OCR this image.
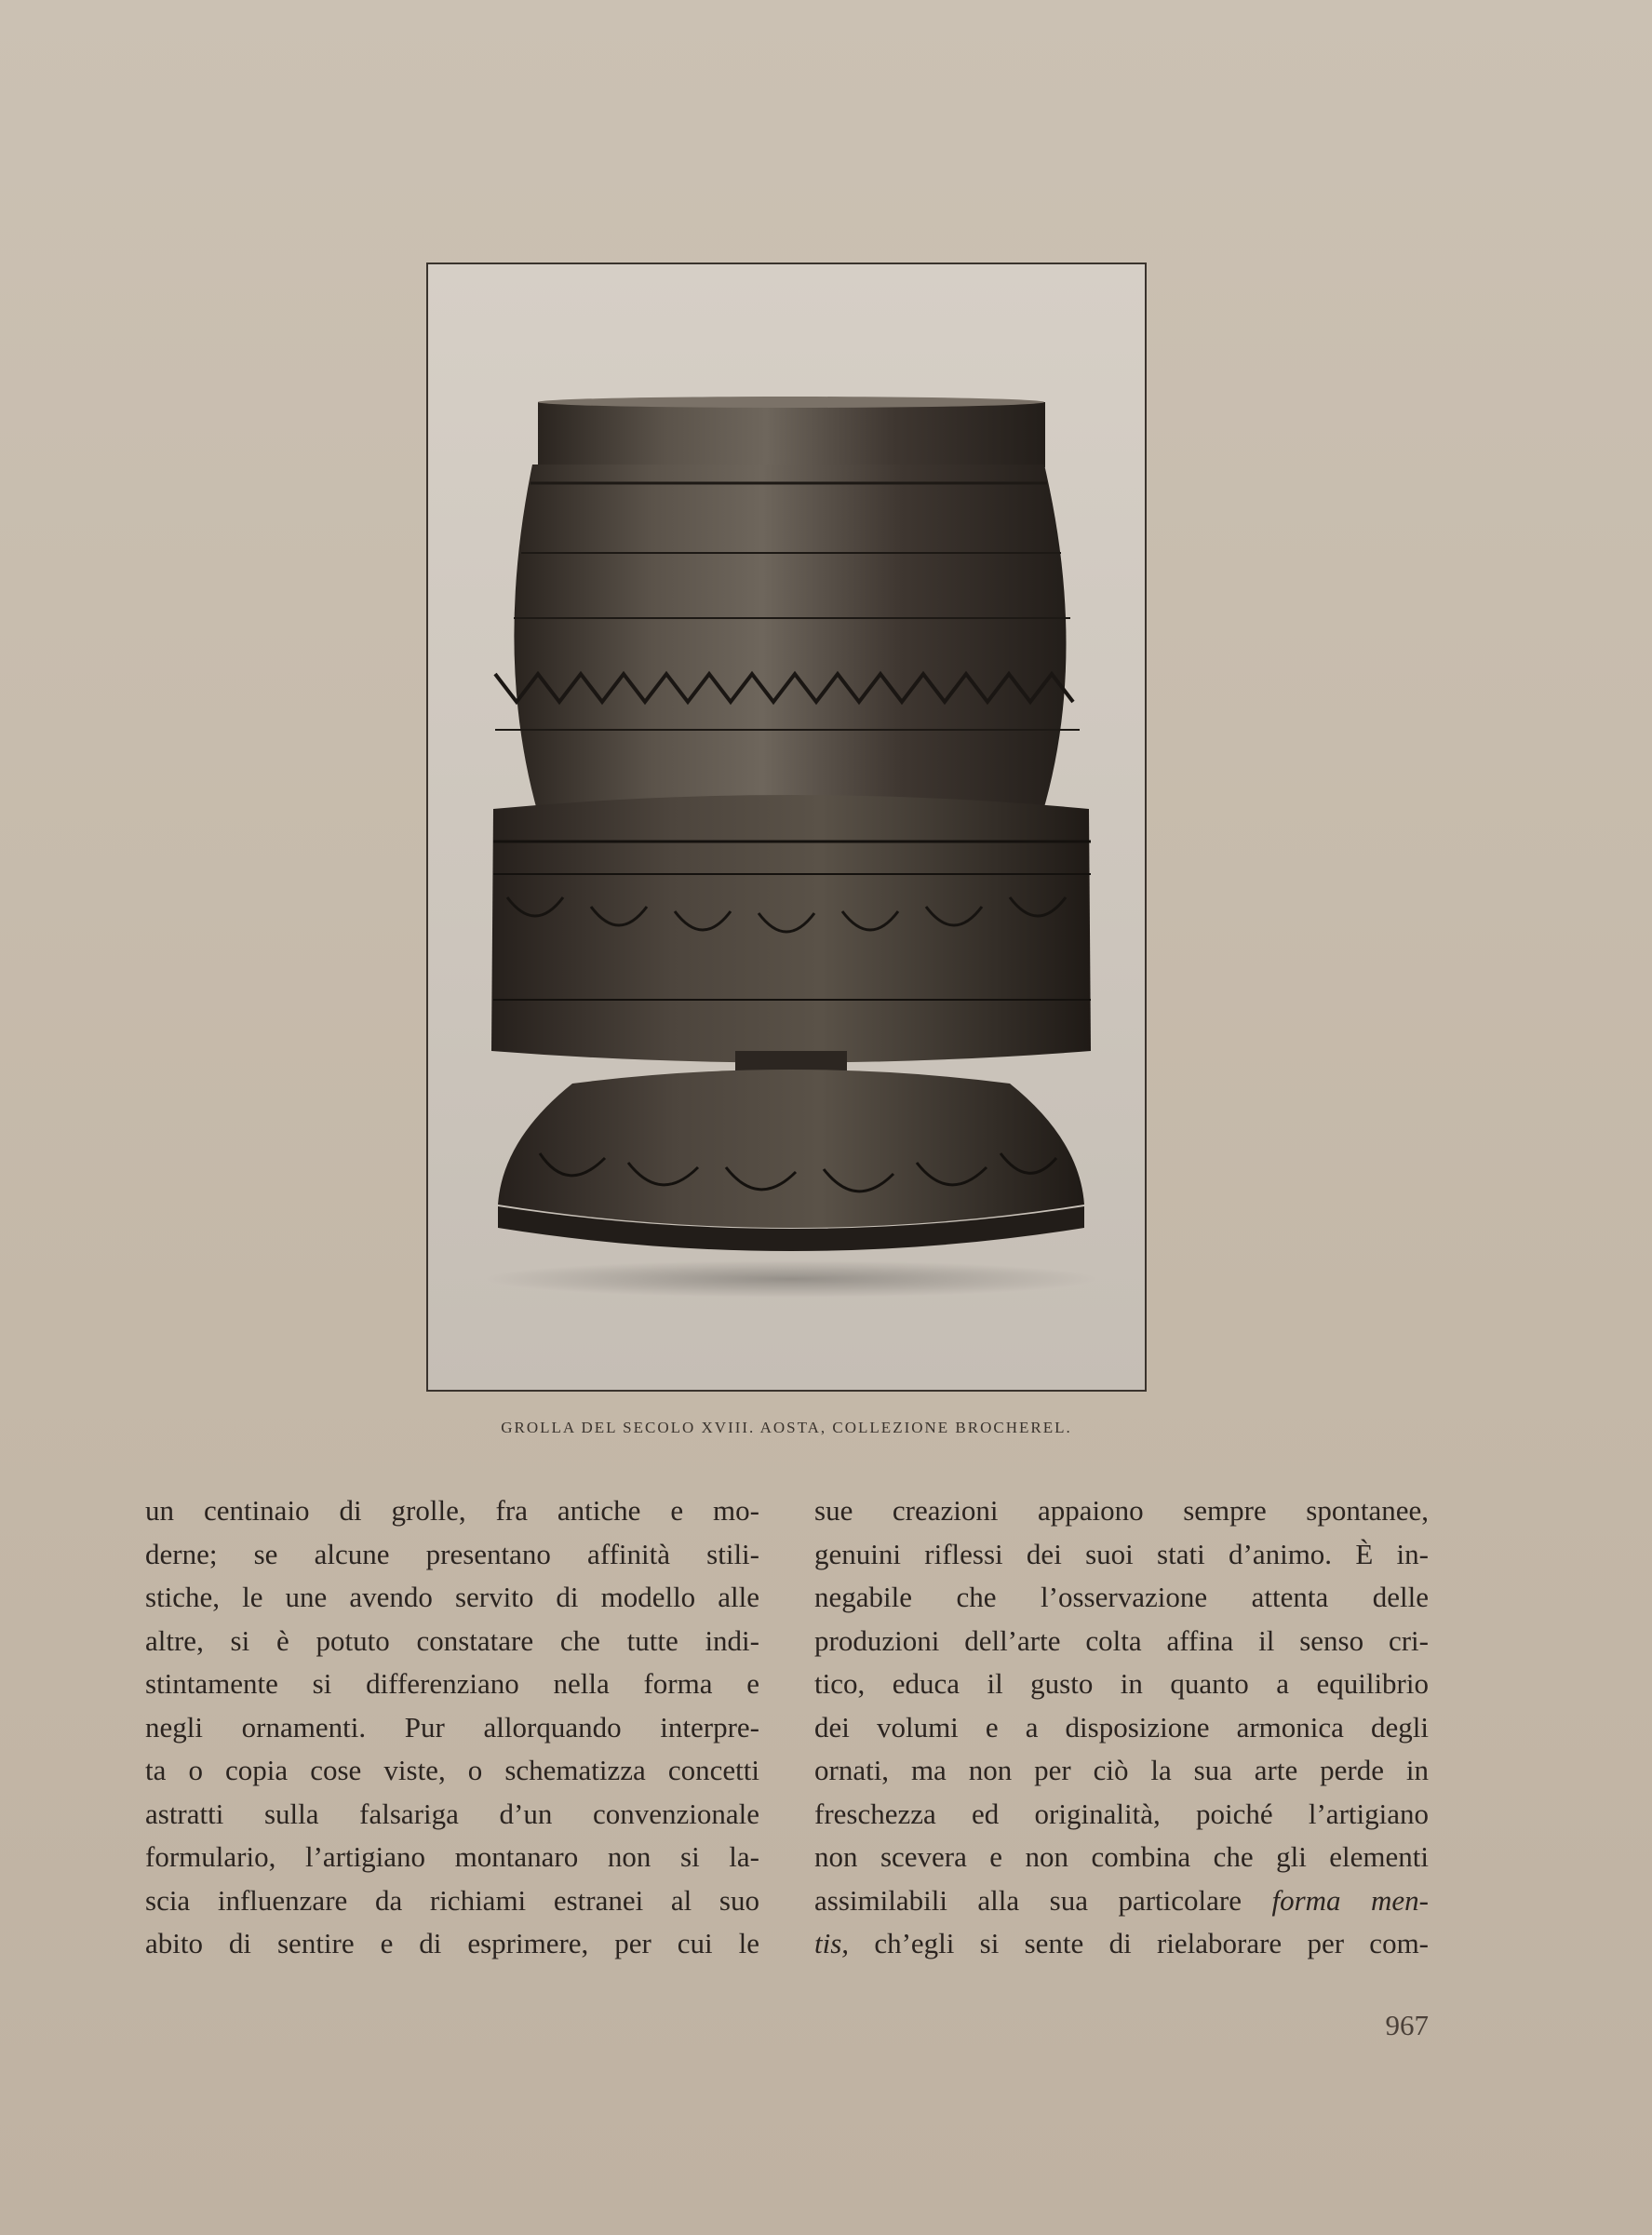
GROLLA DEL SECOLO XVIII. AOSTA, COLLEZIONE BROCHEREL.
un centinaio di grolle, fra antiche e mo-
derne; se alcune presentano affinità stili-
stiche, le une avendo servito di modello alle
altre, si è potuto constatare che tutte indi-
stintamente si differenziano nella forma e
negli ornamenti. Pur allorquando interpre-
ta o copia cose viste, o schematizza concetti
astratti sulla falsariga d’un convenzionale
formulario, l’artigiano montanaro non si la-
scia influenzare da richiami estranei al suo
abito di sentire e di esprimere, per cui le
sue creazioni appaiono sempre spontanee,
genuini riflessi dei suoi stati d’animo. È in-
negabile che l’osservazione attenta delle
produzioni dell’arte colta affina il senso cri-
tico, educa il gusto in quanto a equilibrio
dei volumi e a disposizione armonica degli
ornati, ma non per ciò la sua arte perde in
freschezza ed originalità, poiché l’artigiano
non scevera e non combina che gli elementi
assimilabili alla sua particolare forma men-
tis, ch’egli si sente di rielaborare per com-
967
